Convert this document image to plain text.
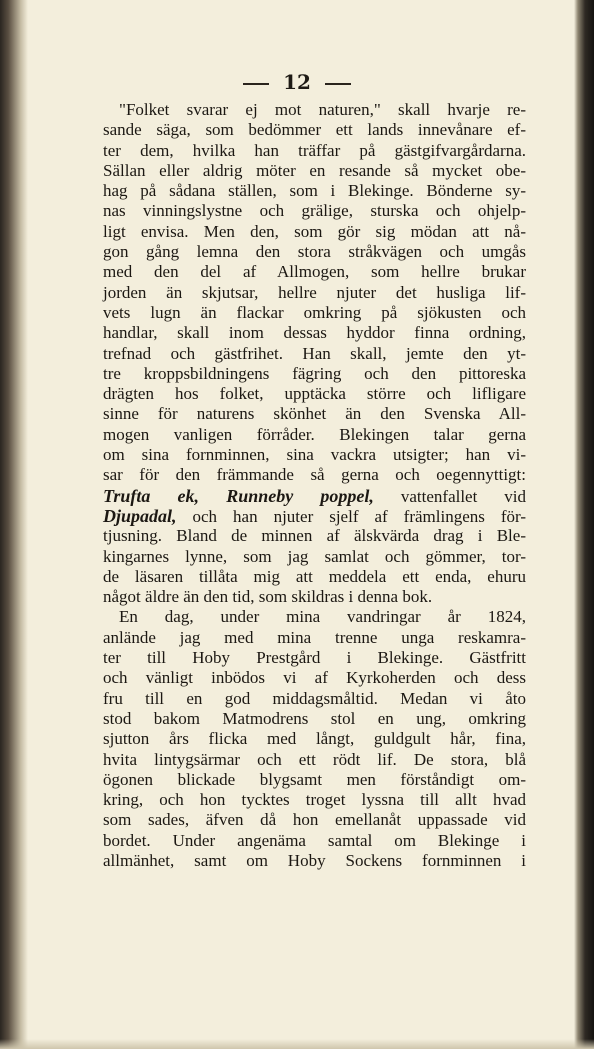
12
"Folket svarar ej mot naturen," skall hvarje re-
sande säga, som bedömmer ett lands innevånare ef-
ter dem, hvilka han träffar på gästgifvargårdarna.
Sällan eller aldrig möter en resande så mycket obe-
hag på sådana ställen, som i Blekinge. Bönderne sy-
nas vinningslystne och grälige, sturska och ohjelp-
ligt envisa. Men den, som gör sig mödan att nå-
gon gång lemna den stora stråkvägen och umgås
med den del af Allmogen, som hellre brukar
jorden än skjutsar, hellre njuter det husliga lif-
vets lugn än flackar omkring på sjökusten och
handlar, skall inom dessas hyddor finna ordning,
trefnad och gästfrihet. Han skall, jemte den yt-
tre kroppsbildningens fägring och den pittoreska
drägten hos folket, upptäcka större och lifligare
sinne för naturens skönhet än den Svenska All-
mogen vanligen förråder. Blekingen talar gerna
om sina fornminnen, sina vackra utsigter; han vi-
sar för den främmande så gerna och oegennyttigt:
Trufta ek, Runneby poppel, vattenfallet vid
Djupadal, och han njuter sjelf af främlingens för-
tjusning. Bland de minnen af älskvärda drag i Ble-
kingarnes lynne, som jag samlat och gömmer, tor-
de läsaren tillåta mig att meddela ett enda, ehuru
något äldre än den tid, som skildras i denna bok.
En dag, under mina vandringar år 1824,
anlände jag med mina trenne unga reskamra-
ter till Hoby Prestgård i Blekinge. Gästfritt
och vänligt inbödos vi af Kyrkoherden och dess
fru till en god middagsmåltid. Medan vi åto
stod bakom Matmodrens stol en ung, omkring
sjutton års flicka med långt, guldgult hår, fina,
hvita lintygsärmar och ett rödt lif. De stora, blå
ögonen blickade blygsamt men förståndigt om-
kring, och hon tycktes troget lyssna till allt hvad
som sades, äfven då hon emellanåt uppassade vid
bordet. Under angenäma samtal om Blekinge i
allmänhet, samt om Hoby Sockens fornminnen i
